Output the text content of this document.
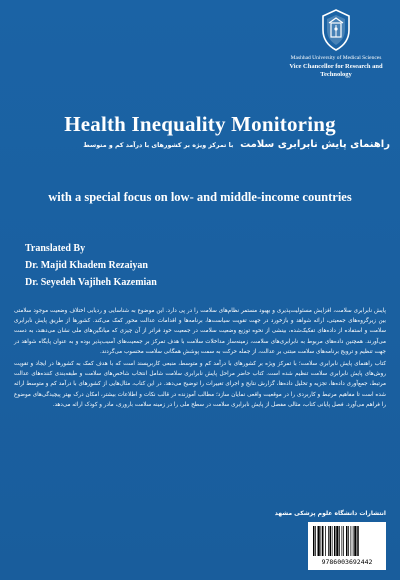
Mashhad University of Medical Sciences
Vice Chancellor for Research and Technology
Health Inequality Monitoring
راهنمای پایش نابرابری سلامت با تمرکز ویژه بر کشورهای با درآمد کم و متوسط
with a special focus on low- and middle-income countries
Translated By
Dr. Majid Khadem Rezaiyan
Dr. Seyedeh Vajiheh Kazemian

پایش نابرابری سلامت، افزایش مسئولیت‌پذیری و بهبود مستمر نظام‌های سلامت را در پی دارد. این موضوع به شناسایی و ردیابی اختلاف وضعیت موجود سلامتی بین زیرگروه‌های جمعیتی، ارائه شواهد و بازخورد در جهت تقویت سیاست‌ها، برنامه‌ها و اقدامات عدالت محور کمک می‌کند. کشورها از طریق پایش نابرابری سلامت و استفاده از داده‌های تفکیک‌شده، بینشی از نحوه توزیع وضعیت سلامت در جمعیت خود فراتر از آن چیزی که میانگین‌های ملی نشان می‌دهند، به دست می‌آورند. همچنین داده‌های مربوط به نابرابری‌های سلامت، زمینه‌ساز مداخلات سلامت با هدف تمرکز بر جمعیت‌های آسیب‌پذیر بوده و به عنوان پایگاه شواهد در جهت تنظیم و ترویج برنامه‌های سلامت مبتنی بر عدالت، از جمله حرکت به سمت پوشش همگانی سلامت محسوب می‌گردند.

کتاب راهنمای پایش نابرابری سلامت؛ با تمرکز ویژه بر کشورهای با درآمد کم و متوسط، منبعی کاربرپسند است که با هدف کمک به کشورها در ایجاد و تقویت روش‌های پایش نابرابری سلامت تنظیم شده است. کتاب حاضر مراحل پایش نابرابری سلامت شامل انتخاب شاخص‌های سلامت و طبقه‌بندی کننده‌های عدالت مرتبط، جمع‌آوری داده‌ها، تجزیه و تحلیل داده‌ها، گزارش نتایج و اجرای تغییرات را توضیح می‌دهد. در این کتاب، مثال‌هایی از کشورهای با درآمد کم و متوسط ارائه شده است تا مفاهیم مرتبط و کاربردی را در موقعیت واقعی نمایان سازد؛ مطالب آموزنده در قالب نکات و اطلاعات بیشتر، امکان درک بهتر پیچیدگی‌های موضوع را فراهم می‌آورد. فصل پایانی کتاب، مثالی مفصل از پایش نابرابری سلامت در سطح ملی را در زمینه سلامت باروری، مادر و کودک ارائه می‌دهد.

انتشارات دانشگاه علوم پزشکی مشهد
9786003692442
